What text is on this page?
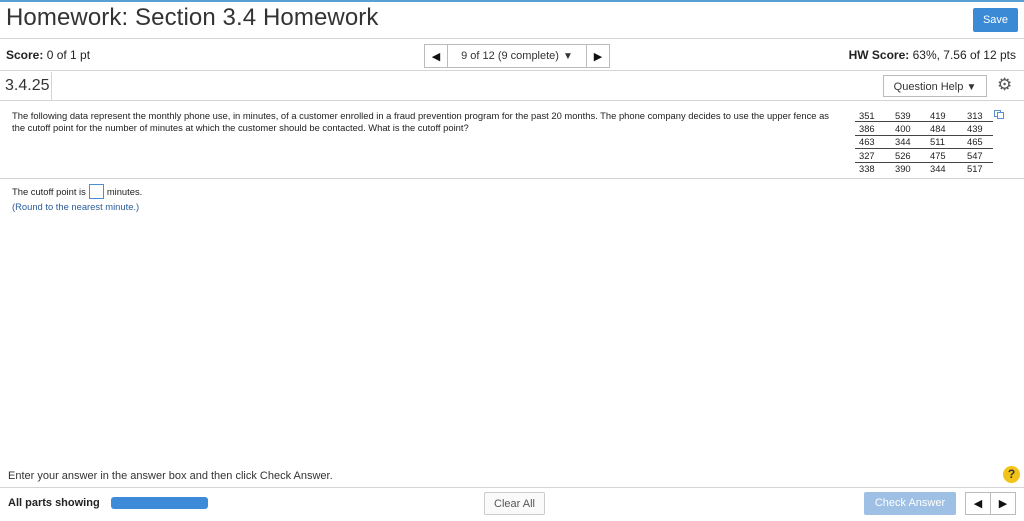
Homework: Section 3.4 Homework	Save
Score: 0 of 1 pt	◀ 9 of 12 (9 complete) ▼ ▶	HW Score: 63%, 7.56 of 12 pts
3.4.25	Question Help ▼	⚙
The following data represent the monthly phone use, in minutes, of a customer enrolled in a fraud prevention program for the past 20 months. The phone company decides to use the upper fence as the cutoff point for the number of minutes at which the customer should be contacted. What is the cutoff point?
351	539	419	313
386	400	484	439
463	344	511	465
327	526	475	547
338	390	344	517
The cutoff point is minutes.
(Round to the nearest minute.)
Enter your answer in the answer box and then click Check Answer.	?
All parts showing	Clear All	Check Answer	◀ ▶
